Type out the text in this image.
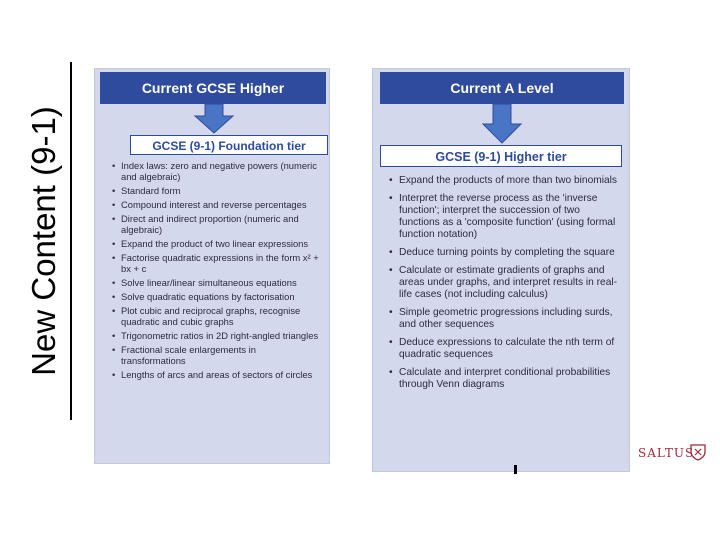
New Content (9-1)
Current GCSE Higher
GCSE (9-1) Foundation tier
• Index laws: zero and negative powers (numeric and algebraic)
• Standard form
• Compound interest and reverse percentages
• Direct and indirect proportion (numeric and algebraic)
• Expand the product of two linear expressions
• Factorise quadratic expressions in the form x² + bx + c
• Solve linear/linear simultaneous equations
• Solve quadratic equations by factorisation
• Plot cubic and reciprocal graphs, recognise quadratic and cubic graphs
• Trigonometric ratios in 2D right-angled triangles
• Fractional scale enlargements in transformations
• Lengths of arcs and areas of sectors of circles
Current A Level
GCSE (9-1) Higher tier
• Expand the products of more than two binomials
• Interpret the reverse process as the 'inverse function'; interpret the succession of two functions as a 'composite function' (using formal function notation)
• Deduce turning points by completing the square
• Calculate or estimate gradients of graphs and areas under graphs, and interpret results in real-life cases (not including calculus)
• Simple geometric progressions including surds, and other sequences
• Deduce expressions to calculate the nth term of quadratic sequences
• Calculate and interpret conditional probabilities through Venn diagrams
SALTUS
